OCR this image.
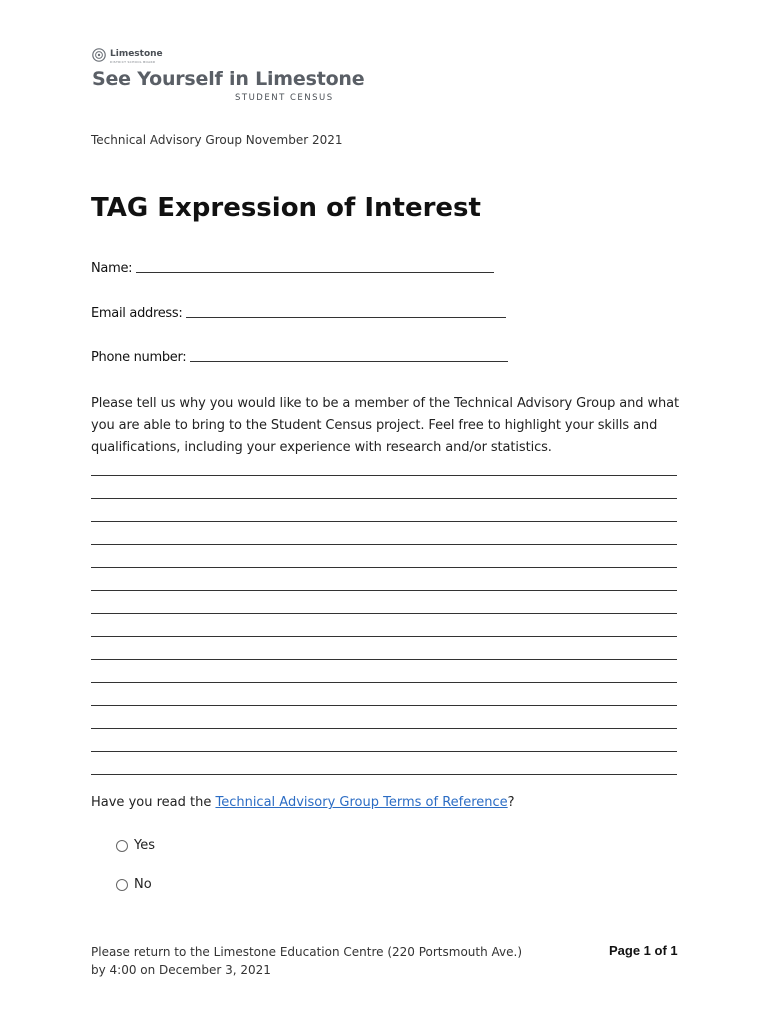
Limestone
DISTRICT SCHOOL BOARD
See Yourself in Limestone
STUDENT CENSUS
Technical Advisory Group November 2021
TAG Expression of Interest
Name:
Email address:
Phone number:
Please tell us why you would like to be a member of the Technical Advisory Group and what you are able to bring to the Student Census project. Feel free to highlight your skills and qualifications, including your experience with research and/or statistics.
Have you read the Technical Advisory Group Terms of Reference?
Yes
No
Please return to the Limestone Education Centre (220 Portsmouth Ave.)
by 4:00 on December 3, 2021
Page 1 of 1
